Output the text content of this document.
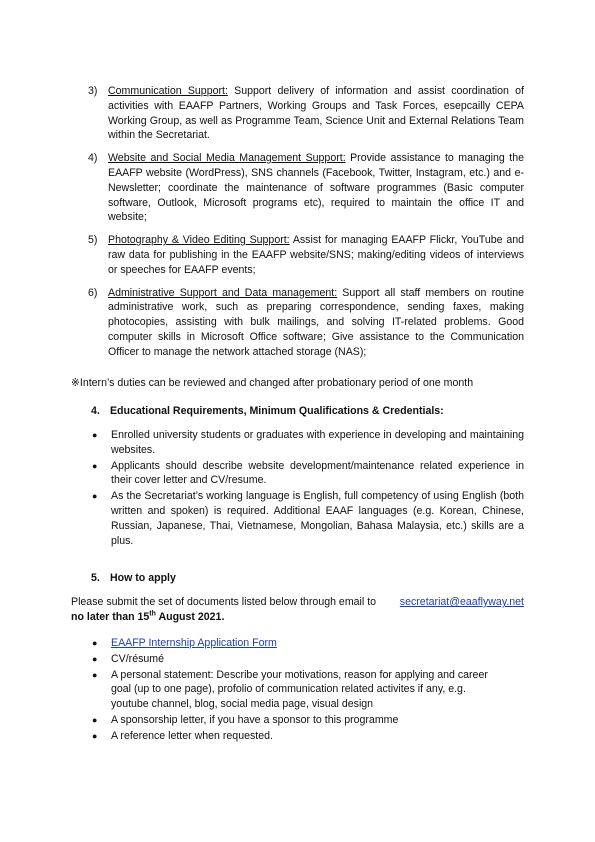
3) Communication Support: Support delivery of information and assist coordination of activities with EAAFP Partners, Working Groups and Task Forces, esepcailly CEPA Working Group, as well as Programme Team, Science Unit and External Relations Team within the Secretariat.
4) Website and Social Media Management Support: Provide assistance to managing the EAAFP website (WordPress), SNS channels (Facebook, Twitter, Instagram, etc.) and e-Newsletter; coordinate the maintenance of software programmes (Basic computer software, Outlook, Microsoft programs etc), required to maintain the office IT and website;
5) Photography & Video Editing Support: Assist for managing EAAFP Flickr, YouTube and raw data for publishing in the EAAFP website/SNS; making/editing videos of interviews or speeches for EAAFP events;
6) Administrative Support and Data management: Support all staff members on routine administrative work, such as preparing correspondence, sending faxes, making photocopies, assisting with bulk mailings, and solving IT-related problems. Good computer skills in Microsoft Office software; Give assistance to the Communication Officer to manage the network attached storage (NAS);
※Intern’s duties can be reviewed and changed after probationary period of one month
4. Educational Requirements, Minimum Qualifications & Credentials:
● Enrolled university students or graduates with experience in developing and maintaining websites.
● Applicants should describe website development/maintenance related experience in their cover letter and CV/resume.
● As the Secretariat’s working language is English, full competency of using English (both written and spoken) is required. Additional EAAF languages (e.g. Korean, Chinese, Russian, Japanese, Thai, Vietnamese, Mongolian, Bahasa Malaysia, etc.) skills are a plus.
5. How to apply
Please submit the set of documents listed below through email to secretariat@eaaflyway.net
no later than 15th August 2021.
● EAAFP Internship Application Form
● CV/résumé
● A personal statement: Describe your motivations, reason for applying and career goal (up to one page), profolio of communication related activites if any, e.g. youtube channel, blog, social media page, visual design
● A sponsorship letter, if you have a sponsor to this programme
● A reference letter when requested.
